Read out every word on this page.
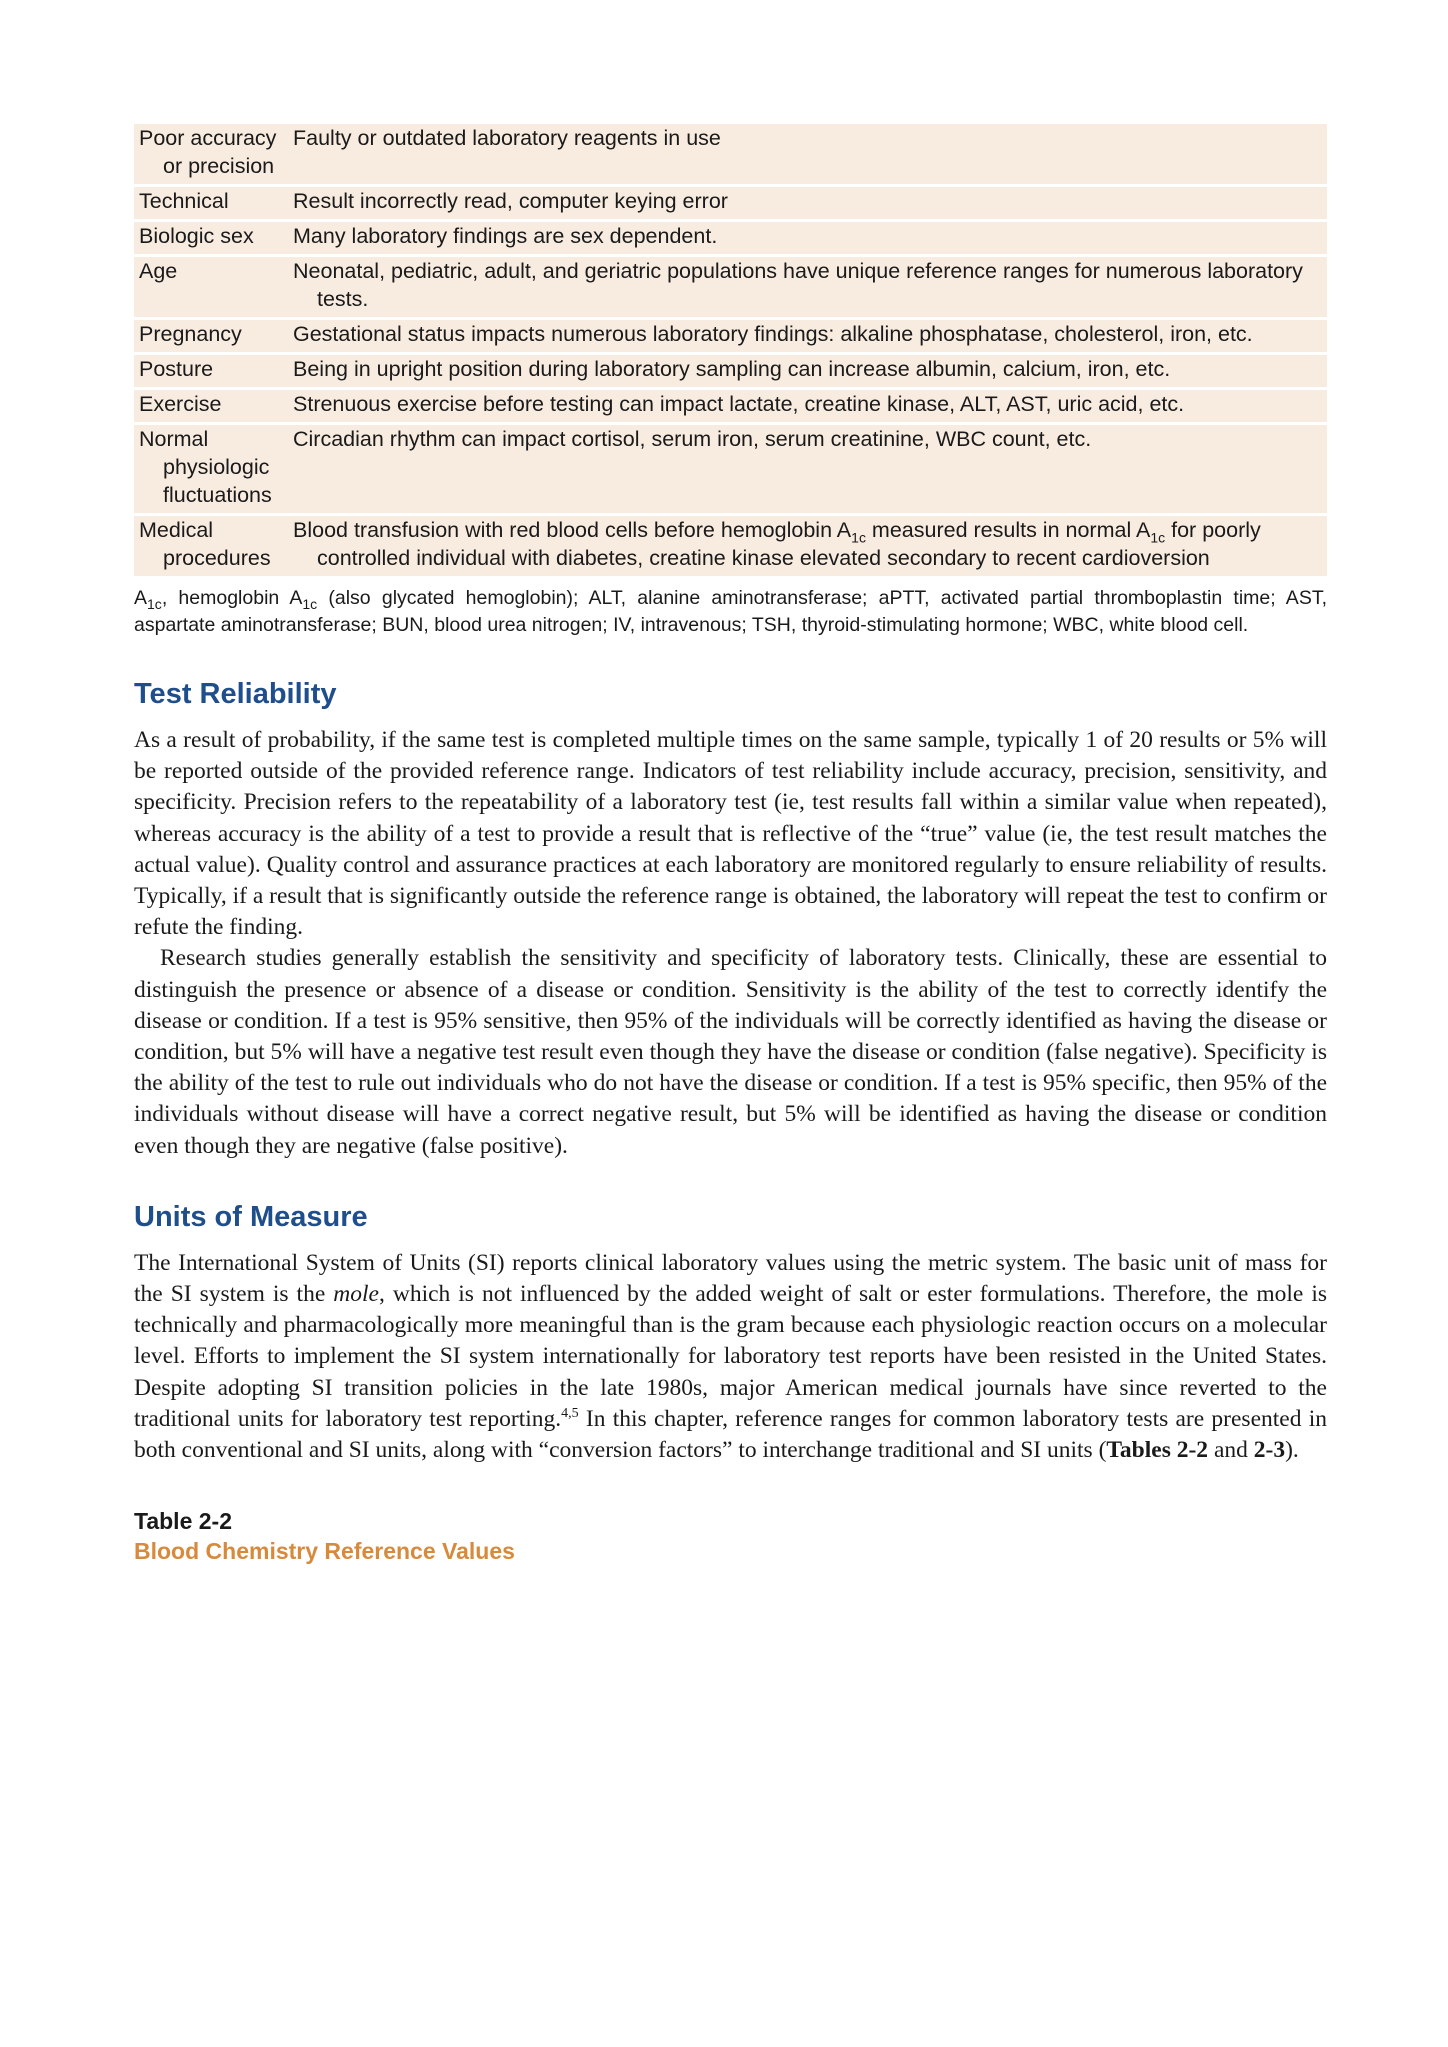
Poor accuracy or precision	Faulty or outdated laboratory reagents in use

Technical	Result incorrectly read, computer keying error

Biologic sex	Many laboratory findings are sex dependent.

Age	Neonatal, pediatric, adult, and geriatric populations have unique reference ranges for numerous laboratory tests.

Pregnancy	Gestational status impacts numerous laboratory findings: alkaline phosphatase, cholesterol, iron, etc.

Posture	Being in upright position during laboratory sampling can increase albumin, calcium, iron, etc.

Exercise	Strenuous exercise before testing can impact lactate, creatine kinase, ALT, AST, uric acid, etc.

Normal physiologic fluctuations	Circadian rhythm can impact cortisol, serum iron, serum creatinine, WBC count, etc.

Medical procedures	Blood transfusion with red blood cells before hemoglobin $A_{1c}$ measured results in normal $A_{1c}$ for poorly controlled individual with diabetes, creatine kinase elevated secondary to recent cardioversion

$A_{1c}$, hemoglobin $A_{1c}$ (also glycated hemoglobin); ALT, alanine aminotransferase; aPTT, activated partial thromboplastin time; AST, aspartate aminotransferase; BUN, blood urea nitrogen; IV, intravenous; TSH, thyroid-stimulating hormone; WBC, white blood cell.

Test Reliability

As a result of probability, if the same test is completed multiple times on the same sample, typically 1 of 20 results or 5% will be reported outside of the provided reference range. Indicators of test reliability include accuracy, precision, sensitivity, and specificity. Precision refers to the repeatability of a laboratory test (ie, test results fall within a similar value when repeated), whereas accuracy is the ability of a test to provide a result that is reflective of the “true” value (ie, the test result matches the actual value). Quality control and assurance practices at each laboratory are monitored regularly to ensure reliability of results. Typically, if a result that is significantly outside the reference range is obtained, the laboratory will repeat the test to confirm or refute the finding.

Research studies generally establish the sensitivity and specificity of laboratory tests. Clinically, these are essential to distinguish the presence or absence of a disease or condition. Sensitivity is the ability of the test to correctly identify the disease or condition. If a test is 95% sensitive, then 95% of the individuals will be correctly identified as having the disease or condition, but 5% will have a negative test result even though they have the disease or condition (false negative). Specificity is the ability of the test to rule out individuals who do not have the disease or condition. If a test is 95% specific, then 95% of the individuals without disease will have a correct negative result, but 5% will be identified as having the disease or condition even though they are negative (false positive).

Units of Measure

The International System of Units (SI) reports clinical laboratory values using the metric system. The basic unit of mass for the SI system is the mole, which is not influenced by the added weight of salt or ester formulations. Therefore, the mole is technically and pharmacologically more meaningful than is the gram because each physiologic reaction occurs on a molecular level. Efforts to implement the SI system internationally for laboratory test reports have been resisted in the United States. Despite adopting SI transition policies in the late 1980s, major American medical journals have since reverted to the traditional units for laboratory test reporting.$^{4,5}$ In this chapter, reference ranges for common laboratory tests are presented in both conventional and SI units, along with “conversion factors” to interchange traditional and SI units (Tables 2-2 and 2-3).

Table 2-2
Blood Chemistry Reference Values
